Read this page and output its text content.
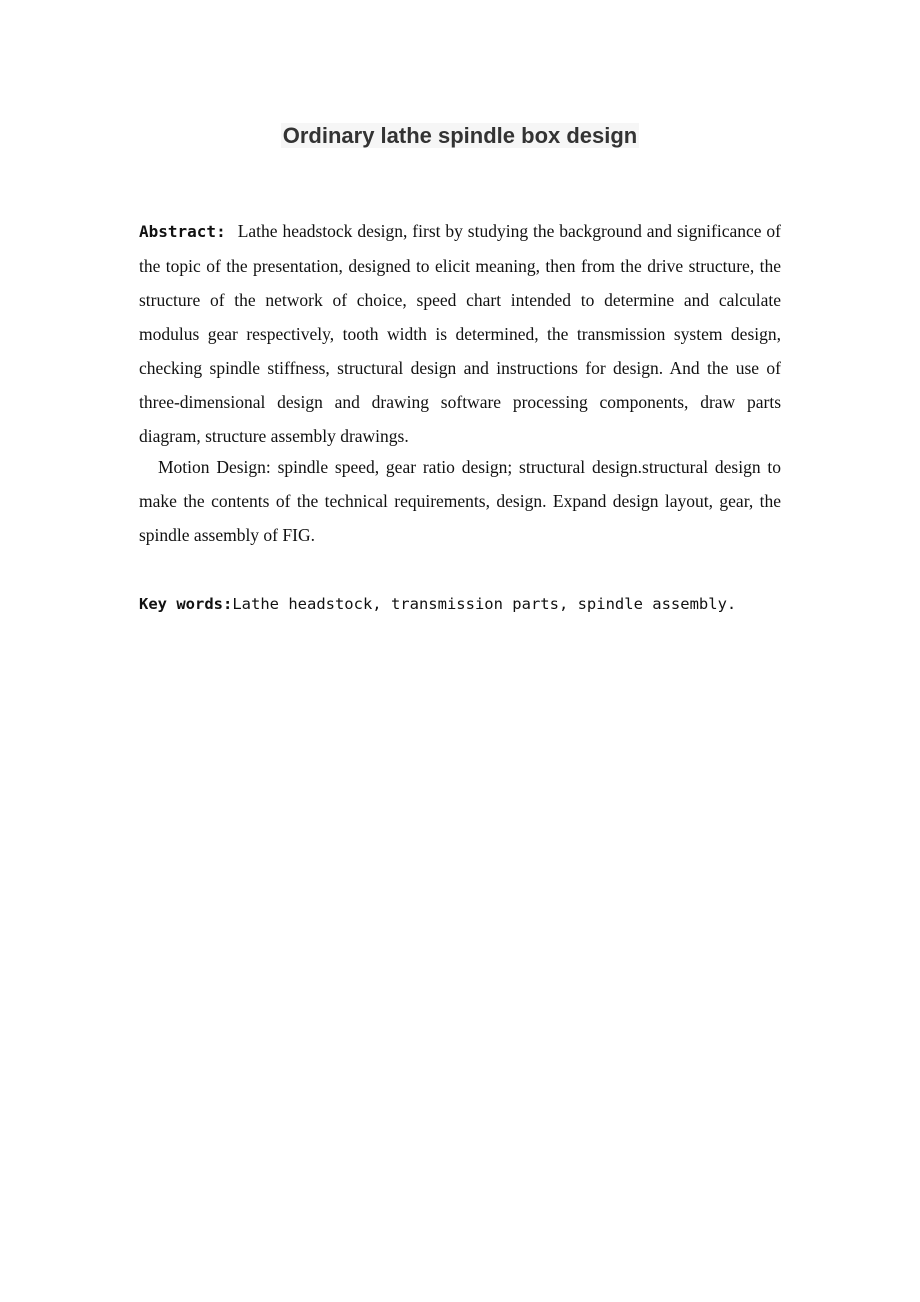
Ordinary lathe spindle box design

Abstract: Lathe headstock design, first by studying the background and significance of the topic of the presentation, designed to elicit meaning, then from the drive structure, the structure of the network of choice, speed chart intended to determine and calculate modulus gear respectively, tooth width is determined, the transmission system design, checking spindle stiffness, structural design and instructions for design. And the use of three-dimensional design and drawing software processing components, draw parts diagram, structure assembly drawings.

Motion Design: spindle speed, gear ratio design; structural design.structural design to make the contents of the technical requirements, design. Expand design layout, gear, the spindle assembly of FIG.

Key words:Lathe headstock, transmission parts, spindle assembly.
